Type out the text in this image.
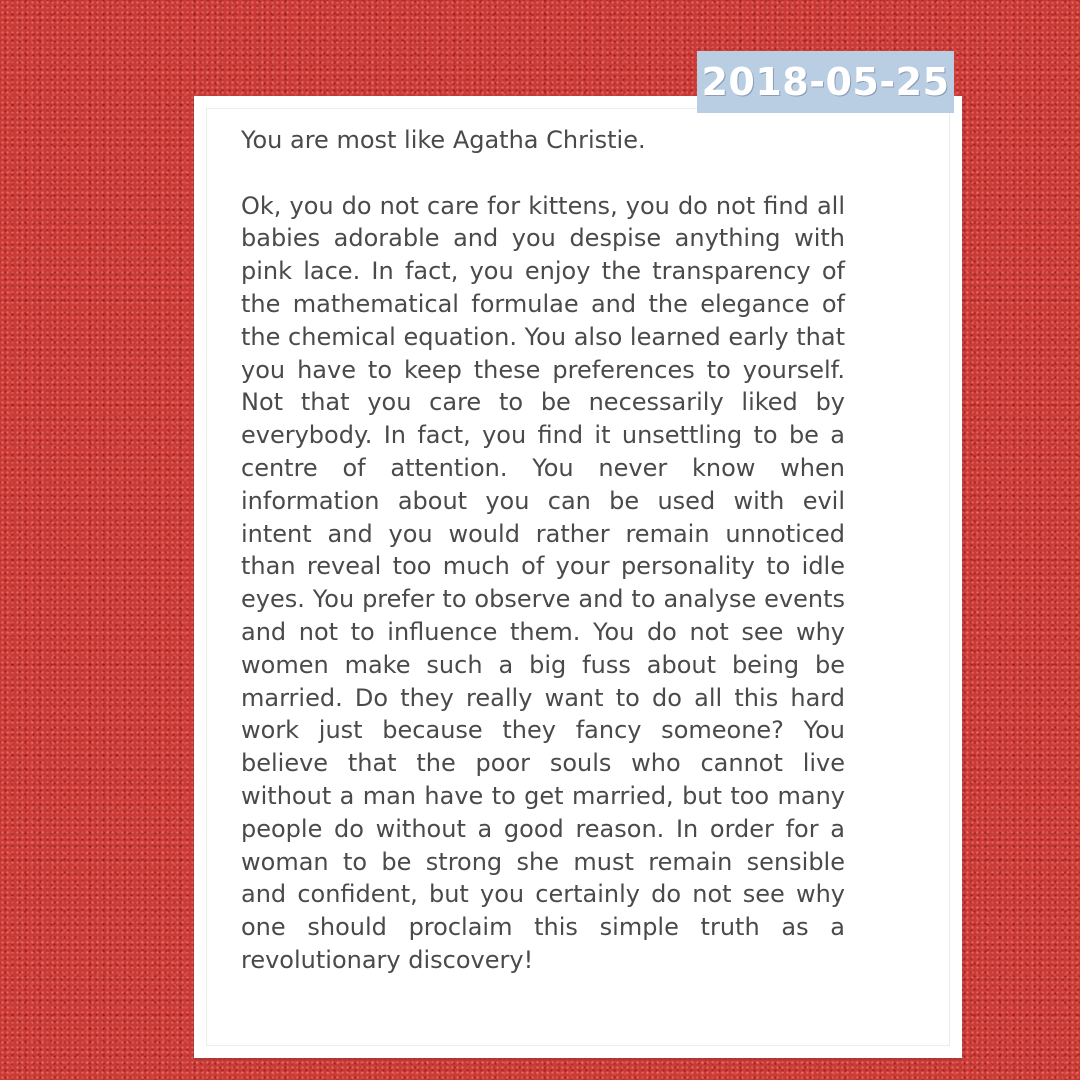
2018-05-25

You are most like Agatha Christie.

Ok, you do not care for kittens, you do not find all babies adorable and you despise anything with pink lace. In fact, you enjoy the transparency of the mathematical formulae and the elegance of the chemical equation. You also learned early that you have to keep these preferences to yourself. Not that you care to be necessarily liked by everybody. In fact, you find it unsettling to be a centre of attention. You never know when information about you can be used with evil intent and you would rather remain unnoticed than reveal too much of your personality to idle eyes. You prefer to observe and to analyse events and not to influence them. You do not see why women make such a big fuss about being be married. Do they really want to do all this hard work just because they fancy someone? You believe that the poor souls who cannot live without a man have to get married, but too many people do without a good reason. In order for a woman to be strong she must remain sensible and confident, but you certainly do not see why one should proclaim this simple truth as a revolutionary discovery!
